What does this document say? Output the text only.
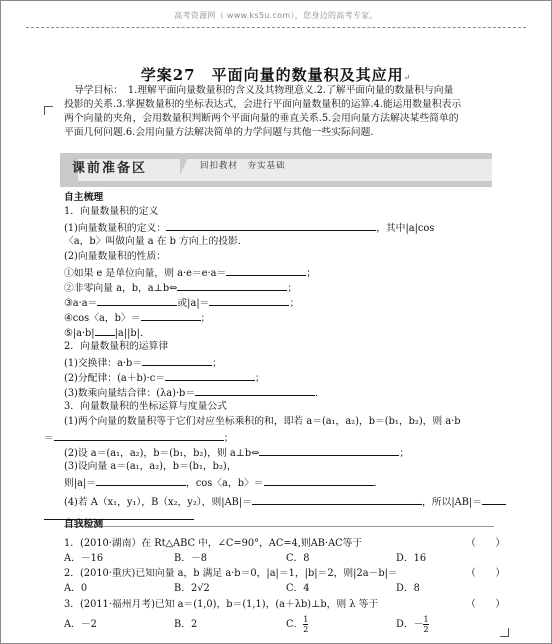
高考资源网（ www.ks5u.com），您身边的高考专家。
学案27　平面向量的数量积及其应用↵
导学目标：　1.理解平面向量数量积的含义及其物理意义.2.了解平面向量的数量积与向量
投影的关系.3.掌握数量积的坐标表达式，会进行平面向量数量积的运算.4.能运用数量积表示
两个向量的夹角，会用数量积判断两个平面向量的垂直关系.5.会用向量方法解决某些简单的
平面几何问题.6.会用向量方法解决简单的力学问题与其他一些实际问题．
课前准备区	回扣教材　夯实基础
自主梳理
1．向量数量积的定义
(1)向量数量积的定义：	，其中|a|cos
〈a，b〉叫做向量 a 在 b 方向上的投影．
(2)向量数量积的性质：
①如果 e 是单位向量，则 a·e＝e·a＝	；
②非零向量 a，b，a⊥b⇔	；
③a·a＝	或|a|＝	；
④cos〈a，b〉＝	；
⑤|a·b| |a||b|．
2．向量数量积的运算律
(1)交换律：a·b＝	；
(2)分配律：(a＋b)·c＝	；
(3)数乘向量结合律：(λa)·b＝	．
3．向量数量积的坐标运算与度量公式
(1)两个向量的数量积等于它们对应坐标乘积的和，即若 a＝(a₁，a₂)，b＝(b₁，b₂)，则 a·b
＝	；
(2)设 a＝(a₁，a₂)，b＝(b₁，b₂)，则 a⊥b⇔	；
(3)设向量 a＝(a₁，a₂)，b＝(b₁，b₂)，
则|a|＝	，cos〈a，b〉＝	．
(4)若 A（x₁，y₁），B（x₂，y₂），则|AB|＝	，所以|AB|＝
自我检测
1．(2010·湖南）在 Rt△ABC 中，∠C=90°，AC=4,则AB·AC等于	（　　）
A．－16	B．－8	C．8	D．16
2．(2010·重庆)已知向量 a，b 满足 a·b＝0，|a|＝1，|b|＝2，则|2a－b|＝	（　　）
A．0	B．2√2	C．4	D．8
3．(2011·福州月考)已知 a＝(1,0)，b＝(1,1)，(a＋λb)⊥b，则 λ 等于	（　　）
A．－2	B．2	C． $\frac{1}{2}$	D．－ $\frac{1}{2}$
